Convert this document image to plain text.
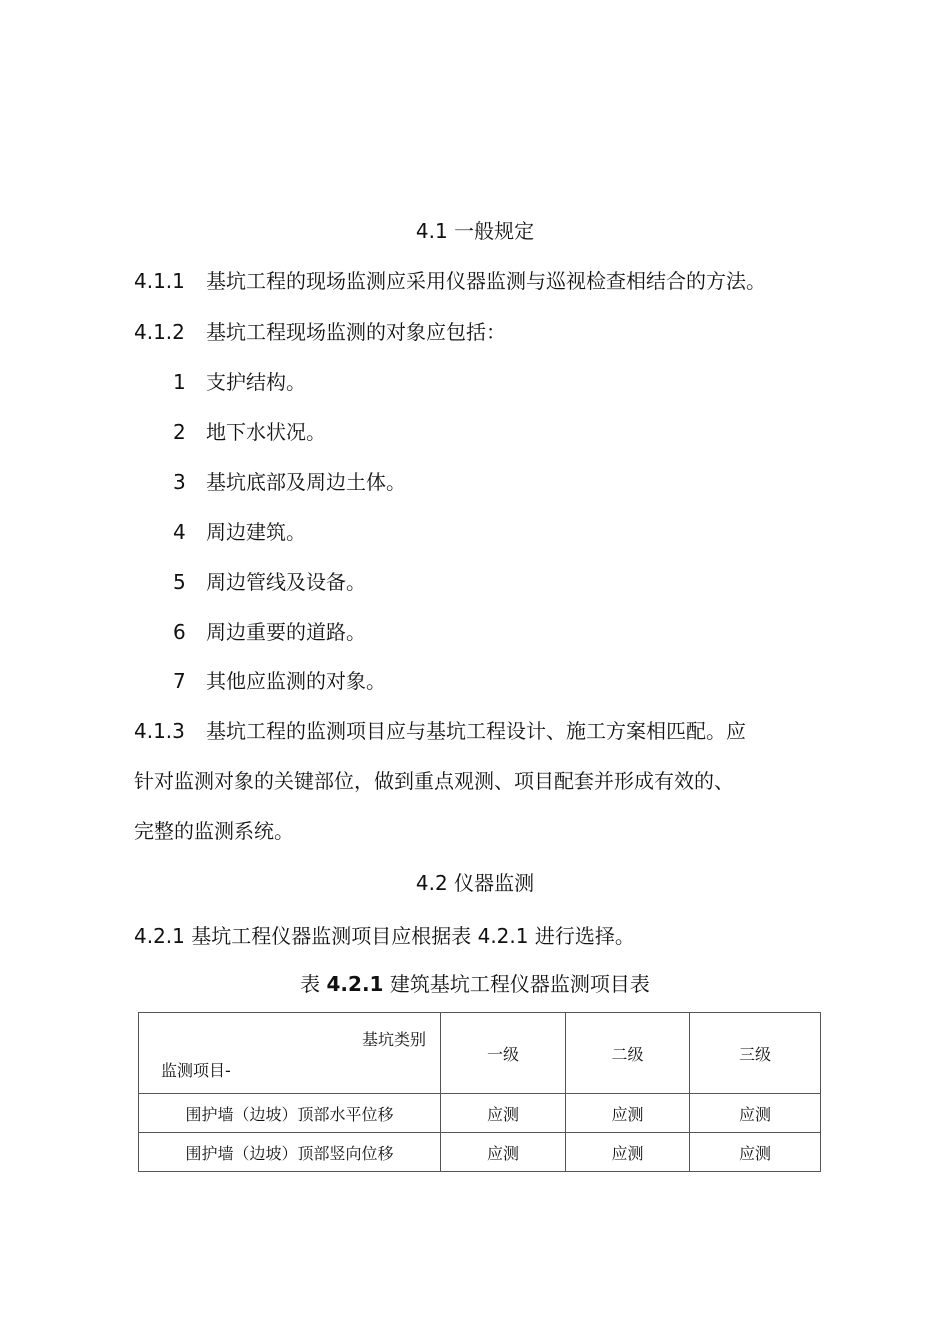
4.1 一般规定
4.1.1 基坑工程的现场监测应采用仪器监测与巡视检查相结合的方法。
4.1.2 基坑工程现场监测的对象应包括：
1 支护结构。
2 地下水状况。
3 基坑底部及周边土体。
4 周边建筑。
5 周边管线及设备。
6 周边重要的道路。
7 其他应监测的对象。
4.1.3 基坑工程的监测项目应与基坑工程设计、施工方案相匹配。应
针对监测对象的关键部位，做到重点观测、项目配套并形成有效的、
完整的监测系统。
4.2 仪器监测
4.2.1 基坑工程仪器监测项目应根据表 4.2.1 进行选择。
表 4.2.1 建筑基坑工程仪器监测项目表
基坑类别
监测项目-	一级	二级	三级
围护墙（边坡）顶部水平位移	应测	应测	应测
围护墙（边坡）顶部竖向位移	应测	应测	应测
